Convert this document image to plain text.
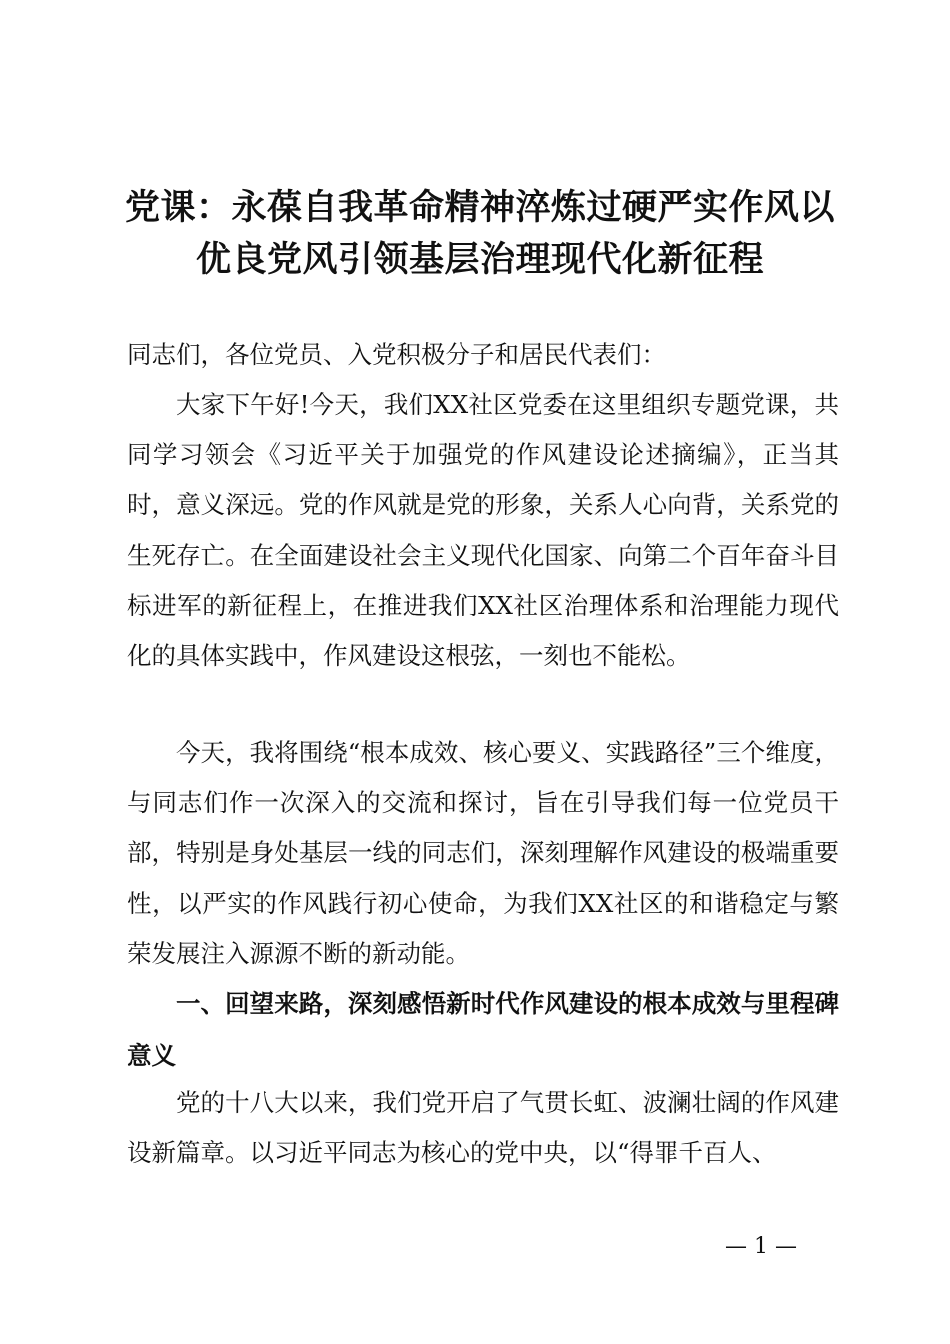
党课：永葆自我革命精神淬炼过硬严实作风以
优良党风引领基层治理现代化新征程
同志们，各位党员、入党积极分子和居民代表们：
大家下午好!今天，我们XX社区党委在这里组织专题党课，共同学习领会《习近平关于加强党的作风建设论述摘编》，正当其时，意义深远。党的作风就是党的形象，关系人心向背，关系党的生死存亡。在全面建设社会主义现代化国家、向第二个百年奋斗目标进军的新征程上，在推进我们XX社区治理体系和治理能力现代化的具体实践中，作风建设这根弦，一刻也不能松。
今天，我将围绕“根本成效、核心要义、实践路径”三个维度，与同志们作一次深入的交流和探讨，旨在引导我们每一位党员干部，特别是身处基层一线的同志们，深刻理解作风建设的极端重要性，以严实的作风践行初心使命，为我们XX社区的和谐稳定与繁荣发展注入源源不断的新动能。
一、回望来路，深刻感悟新时代作风建设的根本成效与里程碑意义
党的十八大以来，我们党开启了气贯长虹、波澜壮阔的作风建设新篇章。以习近平同志为核心的党中央，以“得罪千百人、
— 1 —
